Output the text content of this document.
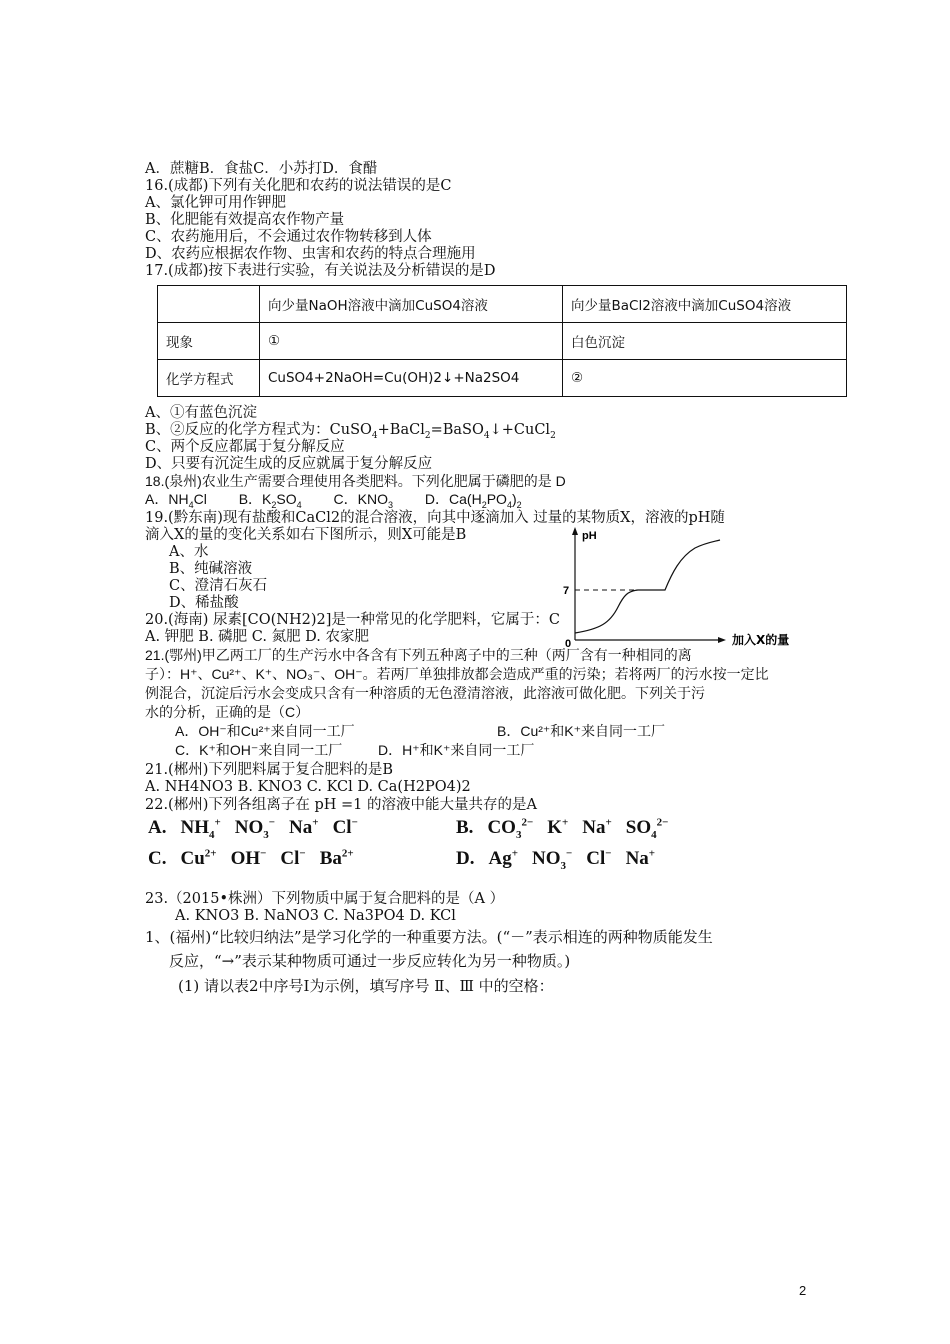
A．蔗糖B．食盐C．小苏打D．食醋
16.(成都)下列有关化肥和农药的说法错误的是C
A、氯化钾可用作钾肥
B、化肥能有效提高农作物产量
C、农药施用后，不会通过农作物转移到人体
D、农药应根据农作物、虫害和农药的特点合理施用
17.(成都)按下表进行实验，有关说法及分析错误的是D
	向少量NaOH溶液中滴加CuSO4溶液	向少量BaCl2溶液中滴加CuSO4溶液
现象	①	白色沉淀
化学方程式	CuSO4+2NaOH=Cu(OH)2↓+Na2SO4	②
A、①有蓝色沉淀
B、②反应的化学方程式为：CuSO$_4$+BaCl$_2$=BaSO$_4$↓+CuCl$_2$
C、两个反应都属于复分解反应
D、只要有沉淀生成的反应就属于复分解反应
18.(泉州)农业生产需要合理使用各类肥料。下列化肥属于磷肥的是 D
A．$NH_4Cl$ B．$K_2SO_4$ C．$KNO_3$ D．$Ca(H_2PO_4)_2$
19.(黔东南)现有盐酸和CaCl2的混合溶液，向其中逐滴加入 过量的某物质X，溶液的pH随
滴入X的量的变化关系如右下图所示，则X可能是B
A、水
B、纯碱溶液
C、澄清石灰石
D、稀盐酸
pH
7
0	加入X的量
20.(海南) 尿素[CO(NH2)2]是一种常见的化学肥料，它属于：C
A. 钾肥 B. 磷肥 C. 氮肥 D. 农家肥
21.(鄂州)甲乙两工厂的生产污水中各含有下列五种离子中的三种（两厂含有一种相同的离
子）：H⁺、Cu²⁺、K⁺、NO₃⁻、OH⁻。若两厂单独排放都会造成严重的污染；若将两厂的污水按一定比
例混合，沉淀后污水会变成只含有一种溶质的无色澄清溶液，此溶液可做化肥。下列关于污
水的分析，正确的是（C）
A．OH⁻和Cu²⁺来自同一工厂	B．Cu²⁺和K⁺来自同一工厂
C．K⁺和OH⁻来自同一工厂	D．H⁺和K⁺来自同一工厂
21.(郴州)下列肥料属于复合肥料的是B
A. NH4NO3 B. KNO3 C. KCl D. Ca(H2PO4)2
22.(郴州)下列各组离子在 pH =1 的溶液中能大量共存的是A
A. $NH_4^+$ $NO_3^-$ Na+ Cl−	B. $CO_3^{2-}$ K+ Na+ $SO_4^{2-}$
C. $Cu^{2+}$ OH− Cl− $Ba^{2+}$	D. Ag+ $NO_3^-$ Cl− Na+
23.（2015•株洲）下列物质中属于复合肥料的是（A ）
A. KNO3 B. NaNO3 C. Na3PO4 D. KCl
1、(福州)“比较归纳法”是学习化学的一种重要方法。(“－”表示相连的两种物质能发生
反应，“→”表示某种物质可通过一步反应转化为另一种物质。)
(1) 请以表2中序号Ⅰ为示例，填写序号 Ⅱ、Ⅲ 中的空格：
2
